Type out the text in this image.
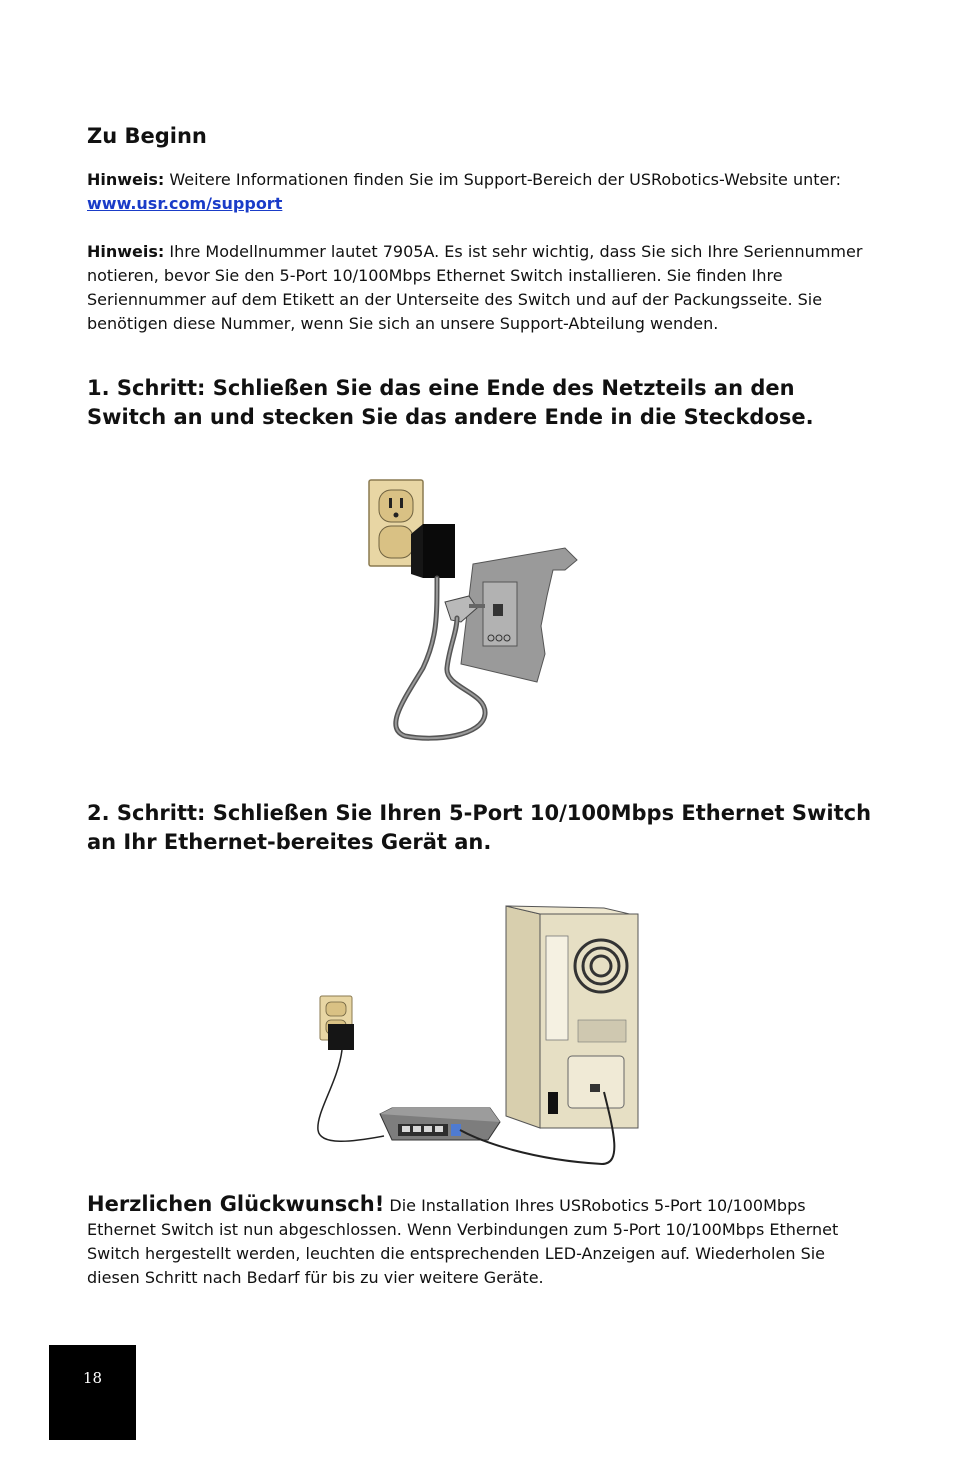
Zu Beginn

Hinweis: Weitere Informationen finden Sie im Support-Bereich der USRobotics-Website unter:
www.usr.com/support

Hinweis: Ihre Modellnummer lautet 7905A. Es ist sehr wichtig, dass Sie sich Ihre Seriennummer notieren, bevor Sie den 5-Port 10/100Mbps Ethernet Switch installieren. Sie finden Ihre Seriennummer auf dem Etikett an der Unterseite des Switch und auf der Packungsseite. Sie benötigen diese Nummer, wenn Sie sich an unsere Support-Abteilung wenden.

1. Schritt: Schließen Sie das eine Ende des Netzteils an den Switch an und stecken Sie das andere Ende in die Steckdose.
2. Schritt: Schließen Sie Ihren 5-Port 10/100Mbps Ethernet Switch an Ihr Ethernet-bereites Gerät an.

Herzlichen Glückwunsch! Die Installation Ihres USRobotics 5-Port 10/100Mbps Ethernet Switch ist nun abgeschlossen. Wenn Verbindungen zum 5-Port 10/100Mbps Ethernet Switch hergestellt werden, leuchten die entsprechenden LED-Anzeigen auf. Wiederholen Sie diesen Schritt nach Bedarf für bis zu vier weitere Geräte.

18
